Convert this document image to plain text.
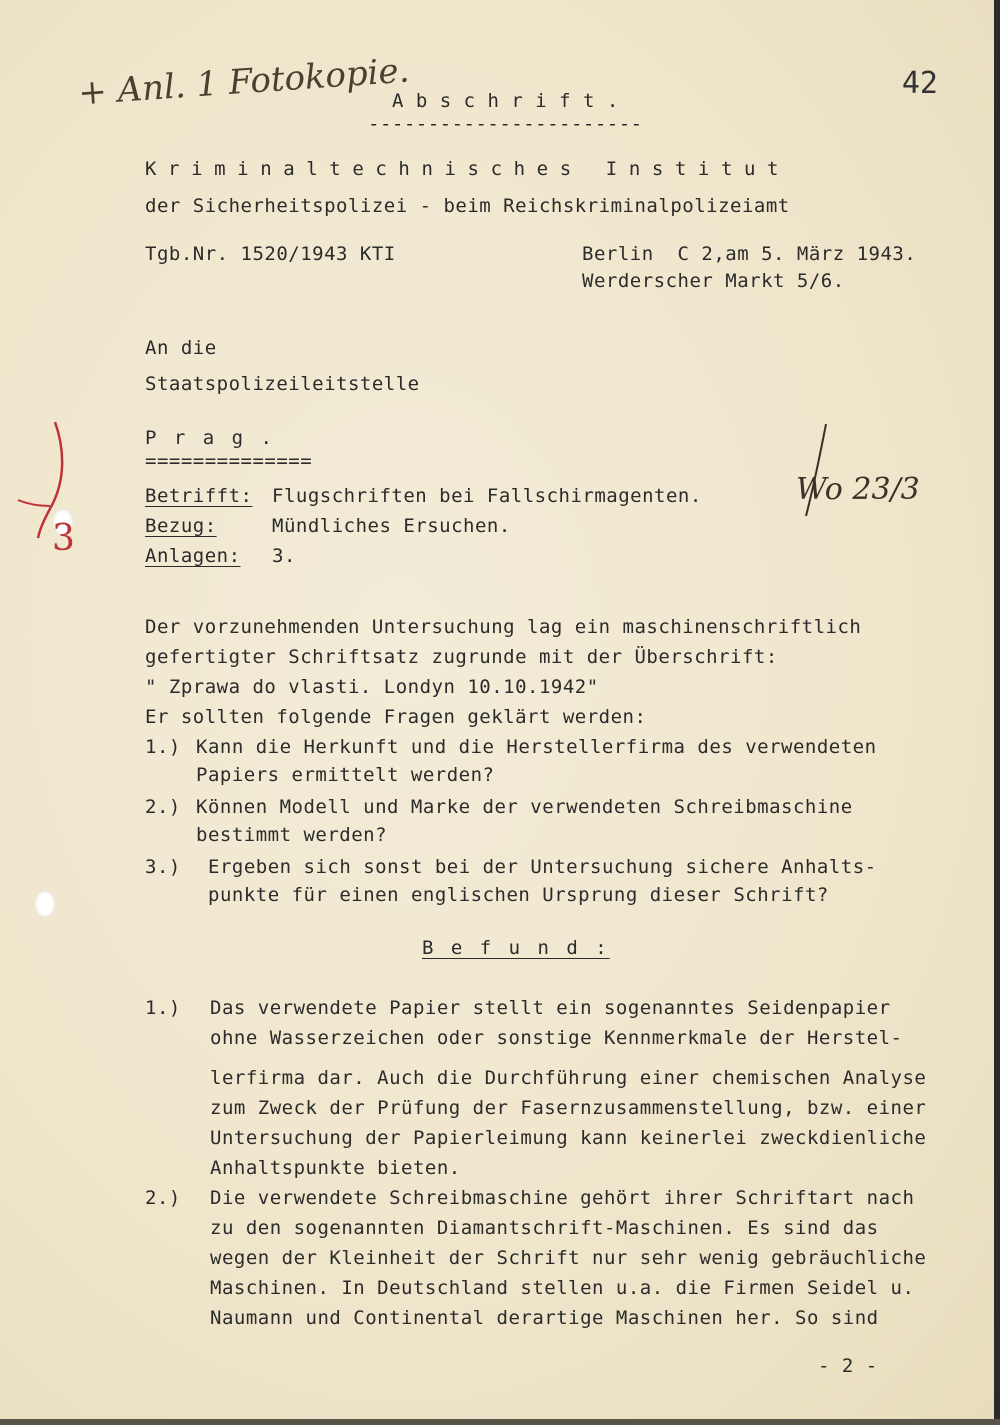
+ Anl. 1 Fotokopie.	42
A b s c h r i f t .
-----------------------
Kriminaltechnisches Institut
der Sicherheitspolizei - beim Reichskriminalpolizeiamt
Tgb.Nr. 1520/1943 KTI	Berlin  C 2,am 5. März 1943.
Werderscher Markt 5/6.
An die
Staatspolizeileitstelle
P r a g .
==============
3
Betrifft: Flugschriften bei Fallschirmagenten.
Bezug:	Mündliches Ersuchen.
Anlagen: 3.
Wo 23/3
Der vorzunehmenden Untersuchung lag ein maschinenschriftlich
gefertigter Schriftsatz zugrunde mit der Überschrift:
" Zprawa do vlasti. Londyn 10.10.1942"
Er sollten folgende Fragen geklärt werden:
1.) Kann die Herkunft und die Herstellerfirma des verwendeten
Papiers ermittelt werden?
2.) Können Modell und Marke der verwendeten Schreibmaschine
bestimmt werden?
3.) Ergeben sich sonst bei der Untersuchung sichere Anhalts-
punkte für einen englischen Ursprung dieser Schrift?
B e f u n d :
1.) Das verwendete Papier stellt ein sogenanntes Seidenpapier
ohne Wasserzeichen oder sonstige Kennmerkmale der Herstel-
lerfirma dar. Auch die Durchführung einer chemischen Analyse
zum Zweck der Prüfung der Fasernzusammenstellung, bzw. einer
Untersuchung der Papierleimung kann keinerlei zweckdienliche
Anhaltspunkte bieten.
2.) Die verwendete Schreibmaschine gehört ihrer Schriftart nach
zu den sogenannten Diamantschrift-Maschinen. Es sind das
wegen der Kleinheit der Schrift nur sehr wenig gebräuchliche
Maschinen. In Deutschland stellen u.a. die Firmen Seidel u.
Naumann und Continental derartige Maschinen her. So sind
- 2 -
